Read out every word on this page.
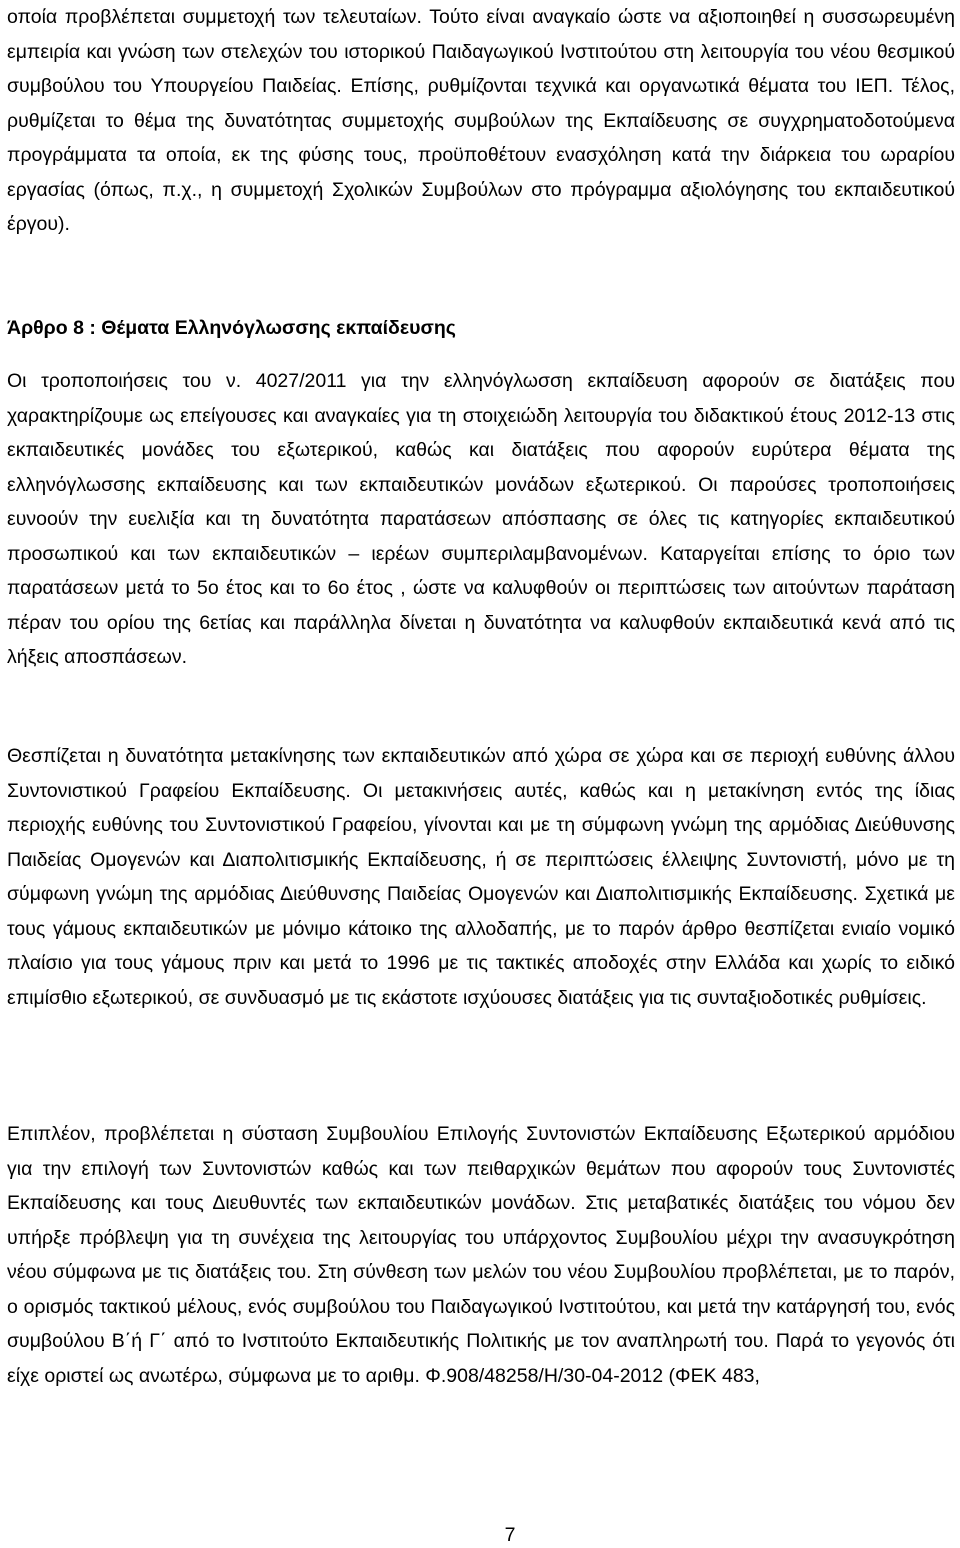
οποία προβλέπεται συμμετοχή των τελευταίων. Τούτο είναι αναγκαίο ώστε να αξιοποιηθεί η συσσωρευμένη εμπειρία και γνώση των στελεχών του ιστορικού Παιδαγωγικού Ινστιτούτου στη λειτουργία του νέου θεσμικού συμβούλου του Υπουργείου Παιδείας. Επίσης, ρυθμίζονται τεχνικά και οργανωτικά θέματα του ΙΕΠ. Τέλος, ρυθμίζεται το θέμα της δυνατότητας συμμετοχής συμβούλων της Εκπαίδευσης σε συγχρηματοδοτούμενα προγράμματα τα οποία, εκ της φύσης τους, προϋποθέτουν ενασχόληση κατά την διάρκεια του ωραρίου εργασίας (όπως, π.χ., η συμμετοχή Σχολικών Συμβούλων στο πρόγραμμα αξιολόγησης του εκπαιδευτικού έργου).

Άρθρο 8 : Θέματα Ελληνόγλωσσης εκπαίδευσης

Οι τροποποιήσεις του ν. 4027/2011 για την ελληνόγλωσση εκπαίδευση αφορούν σε διατάξεις που χαρακτηρίζουμε ως επείγουσες και αναγκαίες για τη στοιχειώδη λειτουργία του διδακτικού έτους 2012-13 στις εκπαιδευτικές μονάδες του εξωτερικού, καθώς και διατάξεις που αφορούν ευρύτερα θέματα της ελληνόγλωσσης εκπαίδευσης και των εκπαιδευτικών μονάδων εξωτερικού. Οι παρούσες τροποποιήσεις ευνοούν την ευελιξία και τη δυνατότητα παρατάσεων απόσπασης σε όλες τις κατηγορίες εκπαιδευτικού προσωπικού και των εκπαιδευτικών – ιερέων συμπεριλαμβανομένων. Καταργείται επίσης το όριο των παρατάσεων μετά το 5ο έτος και το 6ο έτος , ώστε να καλυφθούν οι περιπτώσεις των αιτούντων παράταση πέραν του ορίου της 6ετίας και παράλληλα δίνεται η δυνατότητα να καλυφθούν εκπαιδευτικά κενά από τις λήξεις αποσπάσεων.

Θεσπίζεται η δυνατότητα μετακίνησης των εκπαιδευτικών από χώρα σε χώρα και σε περιοχή ευθύνης άλλου Συντονιστικού Γραφείου Εκπαίδευσης. Οι μετακινήσεις αυτές, καθώς και η μετακίνηση εντός της ίδιας περιοχής ευθύνης του Συντονιστικού Γραφείου, γίνονται και με τη σύμφωνη γνώμη της αρμόδιας Διεύθυνσης Παιδείας Ομογενών και Διαπολιτισμικής Εκπαίδευσης, ή σε περιπτώσεις έλλειψης Συντονιστή, μόνο με τη σύμφωνη γνώμη της αρμόδιας Διεύθυνσης Παιδείας Ομογενών και Διαπολιτισμικής Εκπαίδευσης. Σχετικά με τους γάμους εκπαιδευτικών με μόνιμο κάτοικο της αλλοδαπής, με το παρόν άρθρο θεσπίζεται ενιαίο νομικό πλαίσιο για τους γάμους πριν και μετά το 1996 με τις τακτικές αποδοχές στην Ελλάδα και χωρίς το ειδικό επιμίσθιο εξωτερικού, σε συνδυασμό με τις εκάστοτε ισχύουσες διατάξεις για τις συνταξιοδοτικές ρυθμίσεις.

Επιπλέον, προβλέπεται η σύσταση Συμβουλίου Επιλογής Συντονιστών Εκπαίδευσης Εξωτερικού αρμόδιου για την επιλογή των Συντονιστών καθώς και των πειθαρχικών θεμάτων που αφορούν τους Συντονιστές Εκπαίδευσης και τους Διευθυντές των εκπαιδευτικών μονάδων. Στις μεταβατικές διατάξεις του νόμου δεν υπήρξε πρόβλεψη για τη συνέχεια της λειτουργίας του υπάρχοντος Συμβουλίου μέχρι την ανασυγκρότηση νέου σύμφωνα με τις διατάξεις του. Στη σύνθεση των μελών του νέου Συμβουλίου προβλέπεται, με το παρόν, ο ορισμός τακτικού μέλους, ενός συμβούλου του Παιδαγωγικού Ινστιτούτου, και μετά την κατάργησή του, ενός συμβούλου Β΄ή Γ΄ από το Ινστιτούτο Εκπαιδευτικής Πολιτικής με τον αναπληρωτή του. Παρά το γεγονός ότι είχε οριστεί ως ανωτέρω, σύμφωνα με το αριθμ. Φ.908/48258/Η/30-04-2012 (ΦΕΚ 483,

7
